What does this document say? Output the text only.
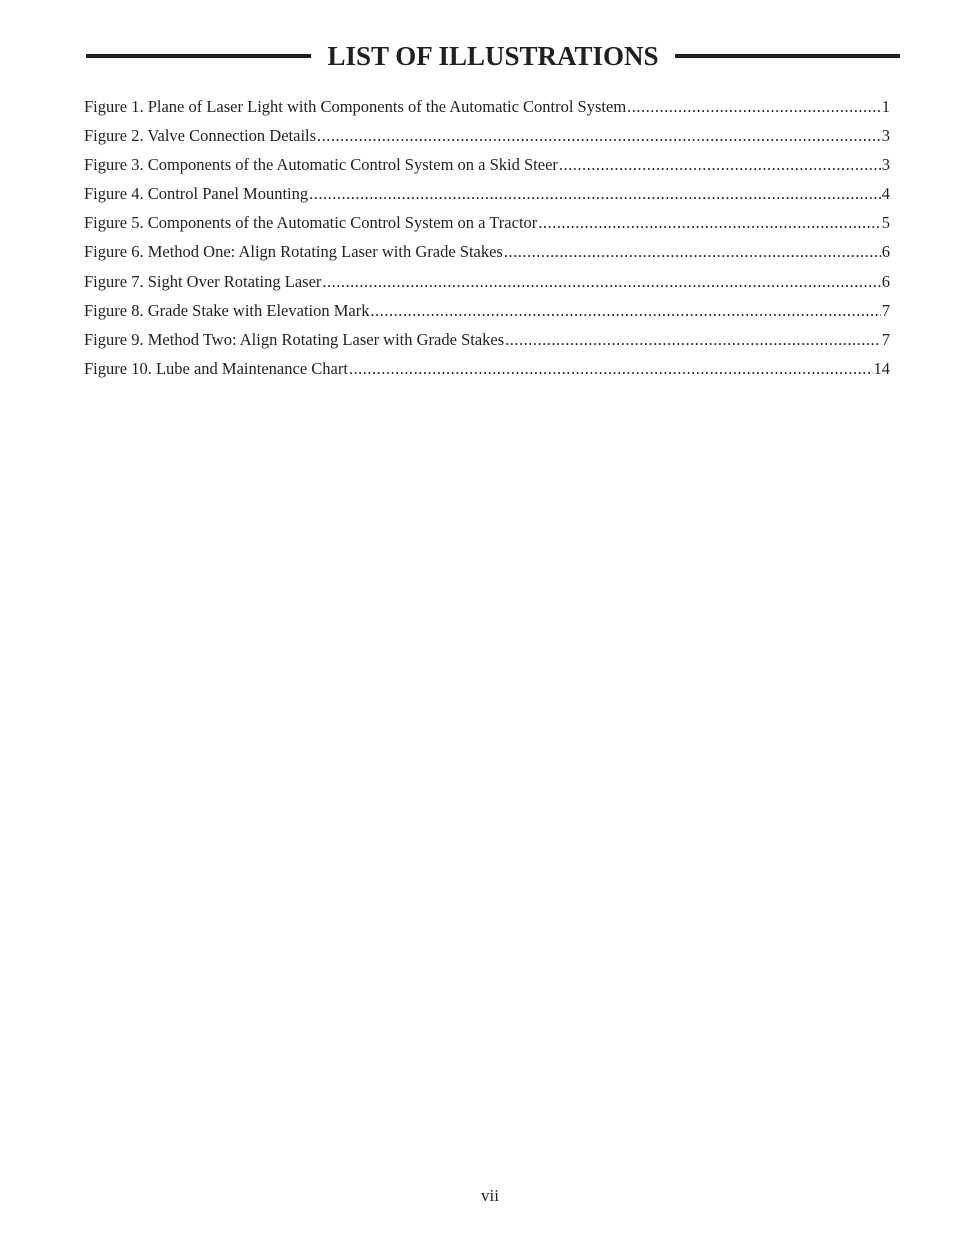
LIST OF ILLUSTRATIONS
Figure 1. Plane of Laser Light with Components of the Automatic Control System .....	1
Figure 2. Valve Connection Details .....	3
Figure 3. Components of the Automatic Control System on a Skid Steer .....	3
Figure 4. Control Panel Mounting .....	4
Figure 5. Components of the Automatic Control System on a Tractor .....	5
Figure 6. Method One: Align Rotating Laser with Grade Stakes .....	6
Figure 7. Sight Over Rotating Laser .....	6
Figure 8. Grade Stake with Elevation Mark .....	7
Figure 9. Method Two: Align Rotating Laser with Grade Stakes .....	7
Figure 10. Lube and Maintenance Chart .....	14
vii
